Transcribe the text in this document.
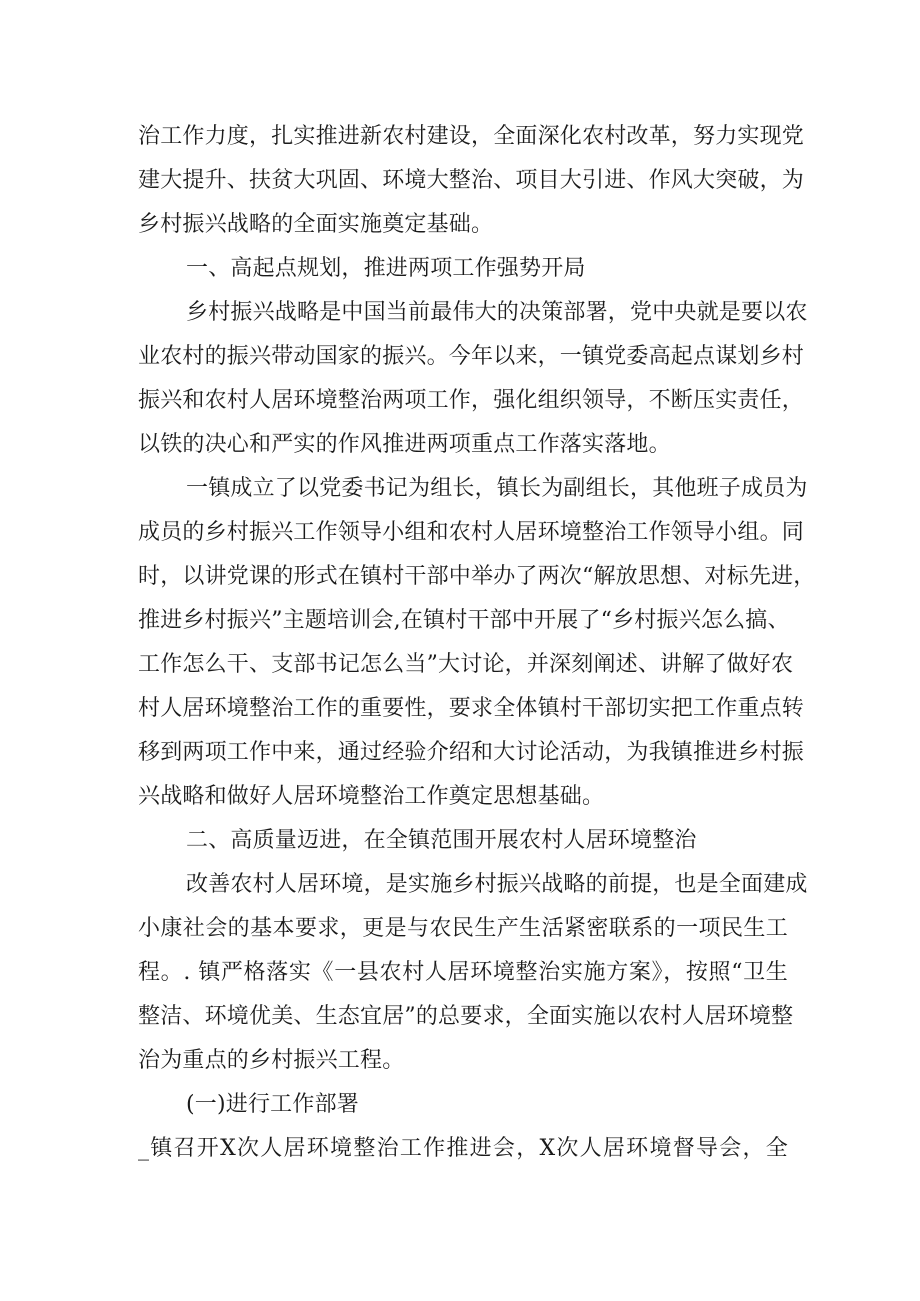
治工作力度，扎实推进新农村建设，全面深化农村改革，努力实现党
建大提升、扶贫大巩固、环境大整治、项目大引进、作风大突破，为
乡村振兴战略的全面实施奠定基础。
一、高起点规划，推进两项工作强势开局
乡村振兴战略是中国当前最伟大的决策部署，党中央就是要以农
业农村的振兴带动国家的振兴。今年以来，一镇党委高起点谋划乡村
振兴和农村人居环境整治两项工作，强化组织领导，不断压实责任，
以铁的决心和严实的作风推进两项重点工作落实落地。
一镇成立了以党委书记为组长，镇长为副组长，其他班子成员为
成员的乡村振兴工作领导小组和农村人居环境整治工作领导小组。同
时，以讲党课的形式在镇村干部中举办了两次“解放思想、对标先进，
推进乡村振兴”主题培训会,在镇村干部中开展了“乡村振兴怎么搞、
工作怎么干、支部书记怎么当”大讨论，并深刻阐述、讲解了做好农
村人居环境整治工作的重要性，要求全体镇村干部切实把工作重点转
移到两项工作中来，通过经验介绍和大讨论活动，为我镇推进乡村振
兴战略和做好人居环境整治工作奠定思想基础。
二、高质量迈进，在全镇范围开展农村人居环境整治
改善农村人居环境，是实施乡村振兴战略的前提，也是全面建成
小康社会的基本要求，更是与农民生产生活紧密联系的一项民生工
程。. 镇严格落实《一县农村人居环境整治实施方案》，按照“卫生
整洁、环境优美、生态宜居”的总要求，全面实施以农村人居环境整
治为重点的乡村振兴工程。
(一)进行工作部署
_镇召开X次人居环境整治工作推进会，X次人居环境督导会，全
